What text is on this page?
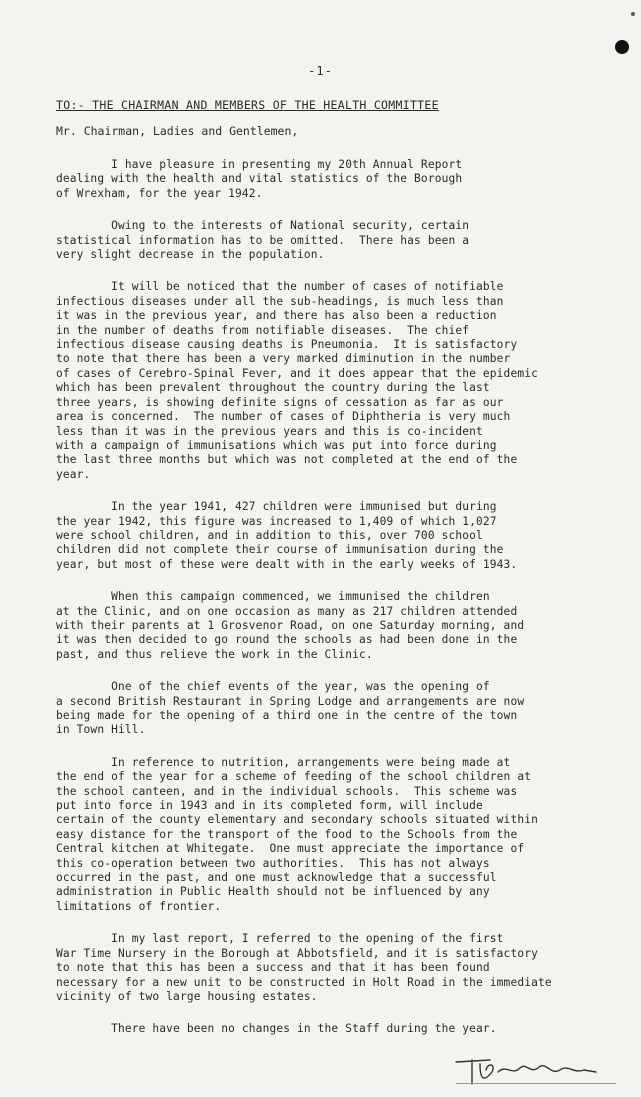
-1-
TO:- THE CHAIRMAN AND MEMBERS OF THE HEALTH COMMITTEE
Mr. Chairman, Ladies and Gentlemen,
I have pleasure in presenting my 20th Annual Report
dealing with the health and vital statistics of the Borough
of Wrexham, for the year 1942.
Owing to the interests of National security, certain
statistical information has to be omitted.  There has been a
very slight decrease in the population.
It will be noticed that the number of cases of notifiable
infectious diseases under all the sub-headings, is much less than
it was in the previous year, and there has also been a reduction
in the number of deaths from notifiable diseases.  The chief
infectious disease causing deaths is Pneumonia.  It is satisfactory
to note that there has been a very marked diminution in the number
of cases of Cerebro-Spinal Fever, and it does appear that the epidemic
which has been prevalent throughout the country during the last
three years, is showing definite signs of cessation as far as our
area is concerned.  The number of cases of Diphtheria is very much
less than it was in the previous years and this is co-incident
with a campaign of immunisations which was put into force during
the last three months but which was not completed at the end of the
year.
In the year 1941, 427 children were immunised but during
the year 1942, this figure was increased to 1,409 of which 1,027
were school children, and in addition to this, over 700 school
children did not complete their course of immunisation during the
year, but most of these were dealt with in the early weeks of 1943.
When this campaign commenced, we immunised the children
at the Clinic, and on one occasion as many as 217 children attended
with their parents at 1 Grosvenor Road, on one Saturday morning, and
it was then decided to go round the schools as had been done in the
past, and thus relieve the work in the Clinic.
One of the chief events of the year, was the opening of
a second British Restaurant in Spring Lodge and arrangements are now
being made for the opening of a third one in the centre of the town
in Town Hill.
In reference to nutrition, arrangements were being made at
the end of the year for a scheme of feeding of the school children at
the school canteen, and in the individual schools.  This scheme was
put into force in 1943 and in its completed form, will include
certain of the county elementary and secondary schools situated within
easy distance for the transport of the food to the Schools from the
Central kitchen at Whitegate.  One must appreciate the importance of
this co-operation between two authorities.  This has not always
occurred in the past, and one must acknowledge that a successful
administration in Public Health should not be influenced by any
limitations of frontier.
In my last report, I referred to the opening of the first
War Time Nursery in the Borough at Abbotsfield, and it is satisfactory
to note that this has been a success and that it has been found
necessary for a new unit to be constructed in Holt Road in the immediate
vicinity of two large housing estates.
There have been no changes in the Staff during the year.
